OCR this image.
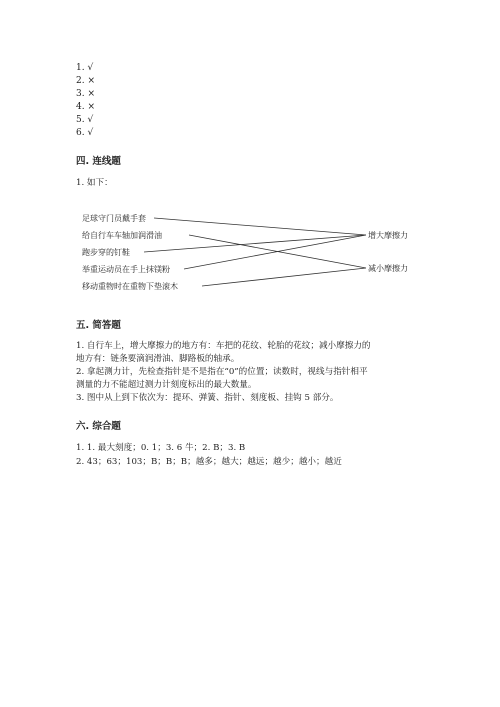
1. √
2. ×
3. ×
4. ×
5. √
6. √
四. 连线题
1. 如下：
足球守门员戴手套
给自行车车轴加润滑油
跑步穿的钉鞋
举重运动员在手上抹镁粉
移动重物时在重物下垫滚木
增大摩擦力
减小摩擦力
五. 简答题
1. 自行车上，增大摩擦力的地方有：车把的花纹、轮胎的花纹；减小摩擦力的
地方有：链条要滴润滑油、脚路板的轴承。
2. 拿起测力计，先检查指针是不是指在“0”的位置；读数时，视线与指针相平
测量的力不能超过测力计刻度标出的最大数量。
3. 图中从上到下依次为：提环、弹簧、指针、刻度板、挂钩 5 部分。
六. 综合题
1. 1. 最大刻度；0. 1；3. 6 牛；2. B；3. B
2. 43；63；103；B；B；B；越多；越大；越远；越少；越小；越近
